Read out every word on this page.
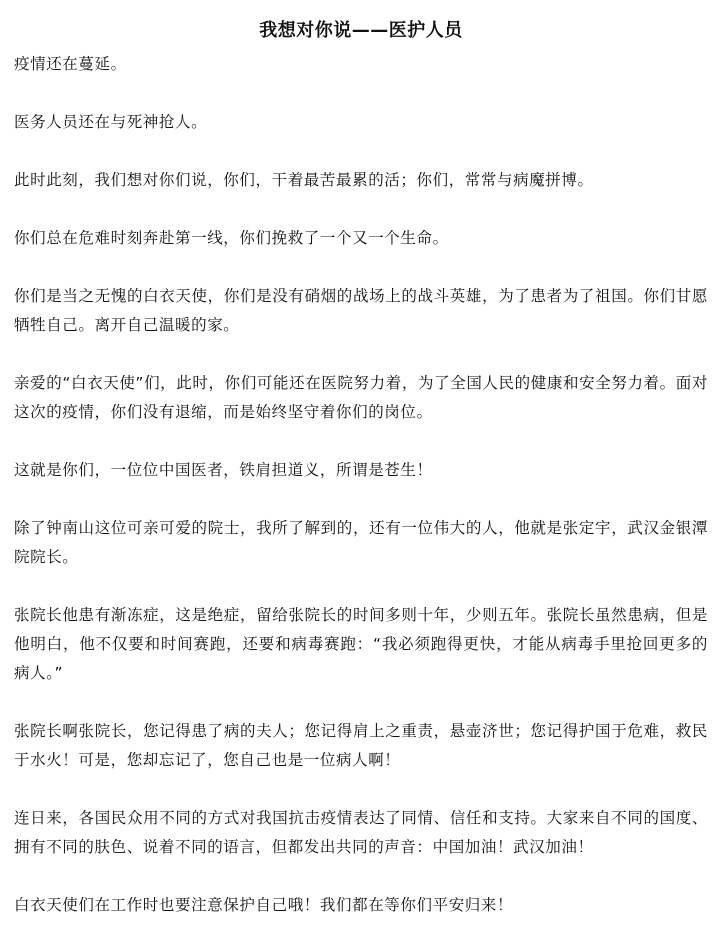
我想对你说——医护人员
疫情还在蔓延。
医务人员还在与死神抢人。
此时此刻，我们想对你们说，你们，干着最苦最累的活；你们，常常与病魔拼博。
你们总在危难时刻奔赴第一线，你们挽救了一个又一个生命。
你们是当之无愧的白衣天使，你们是没有硝烟的战场上的战斗英雄，为了患者为了祖国。你们甘愿牺牲自己。离开自己温暖的家。
亲爱的“白衣天使”们，此时，你们可能还在医院努力着，为了全国人民的健康和安全努力着。面对这次的疫情，你们没有退缩，而是始终坚守着你们的岗位。
这就是你们，一位位中国医者，铁肩担道义，所谓是苍生！
除了钟南山这位可亲可爱的院士，我所了解到的，还有一位伟大的人，他就是张定宇，武汉金银潭院院长。
张院长他患有渐冻症，这是绝症，留给张院长的时间多则十年，少则五年。张院长虽然患病，但是他明白，他不仅要和时间赛跑，还要和病毒赛跑：“我必须跑得更快，才能从病毒手里抢回更多的病人。”
张院长啊张院长，您记得患了病的夫人；您记得肩上之重责，悬壶济世；您记得护国于危难，救民于水火！可是，您却忘记了，您自己也是一位病人啊！
连日来，各国民众用不同的方式对我国抗击疫情表达了同情、信任和支持。大家来自不同的国度、拥有不同的肤色、说着不同的语言，但都发出共同的声音：中国加油！武汉加油！
白衣天使们在工作时也要注意保护自己哦！我们都在等你们平安归来！
